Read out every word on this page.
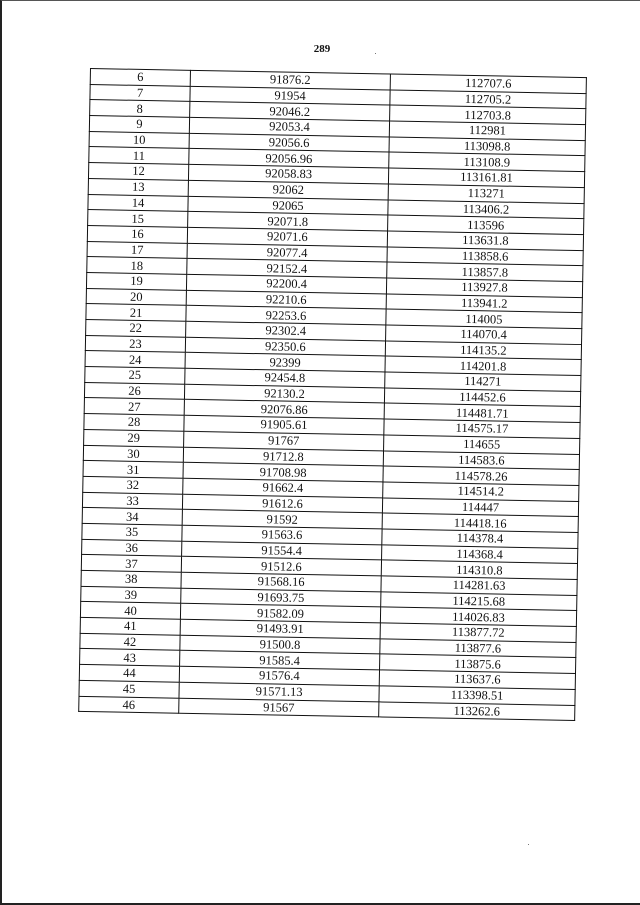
289
6	91876.2	112707.6
7	91954	112705.2
8	92046.2	112703.8
9	92053.4	112981
10	92056.6	113098.8
11	92056.96	113108.9
12	92058.83	113161.81
13	92062	113271
14	92065	113406.2
15	92071.8	113596
16	92071.6	113631.8
17	92077.4	113858.6
18	92152.4	113857.8
19	92200.4	113927.8
20	92210.6	113941.2
21	92253.6	114005
22	92302.4	114070.4
23	92350.6	114135.2
24	92399	114201.8
25	92454.8	114271
26	92130.2	114452.6
27	92076.86	114481.71
28	91905.61	114575.17
29	91767	114655
30	91712.8	114583.6
31	91708.98	114578.26
32	91662.4	114514.2
33	91612.6	114447
34	91592	114418.16
35	91563.6	114378.4
36	91554.4	114368.4
37	91512.6	114310.8
38	91568.16	114281.63
39	91693.75	114215.68
40	91582.09	114026.83
41	91493.91	113877.72
42	91500.8	113877.6
43	91585.4	113875.6
44	91576.4	113637.6
45	91571.13	113398.51
46	91567	113262.6
